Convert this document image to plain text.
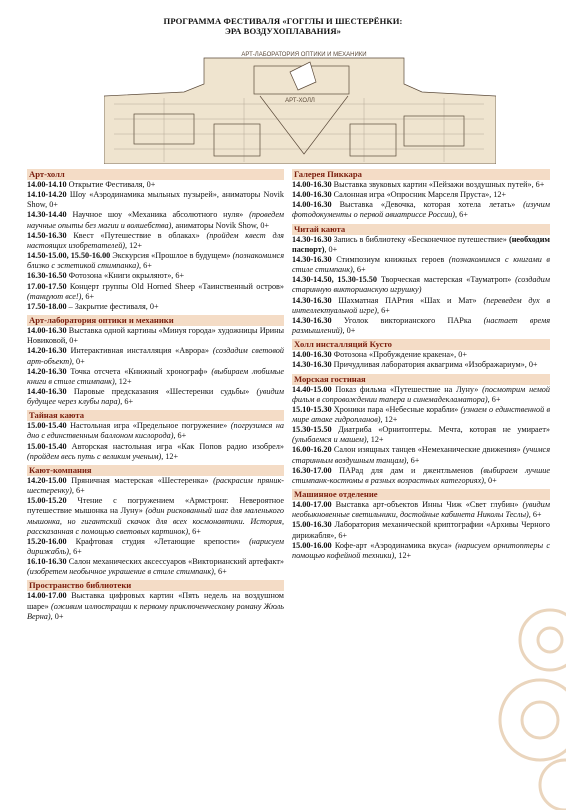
ПРОГРАММА ФЕСТИВАЛЯ «ГОГГЛЫ И ШЕСТЕРЁНКИ:
ЭРА ВОЗДУХОПЛАВАНИЯ»
АРТ-ЛАБОРАТОРИЯ ОПТИКИ И МЕХАНИКИ
АРТ-ХОЛЛ
Арт-холл

14.00-14.10 Открытие Фестиваля, 0+

14.10-14.20 Шоу «Аэродинамика мыльных пузырей», аниматоры Novik Show, 0+

14.30-14.40 Научное шоу «Механика абсолютного нуля» (проведем научные опыты без магии и волшебства), аниматоры Novik Show, 0+

14.50-16.30 Квест «Путешествие в облаках» (пройдем квест для настоящих изобретателей), 12+

14.50-15.00, 15.50-16.00 Экскурсия «Прошлое в будущем» (познакомимся близко с эстетикой стимпанка), 6+

16.30-16.50 Фотозона «Книги окрыляют», 6+

17.00-17.50 Концерт группы Old Horned Sheep «Таинственный остров» (танцуют все!), 6+

17.50-18.00 – Закрытие фестиваля, 0+

Арт-лаборатория оптики и механики

14.00-16.30 Выставка одной картины «Минуя города» художницы Ирины Новиковой, 0+

14.20-16.30 Интерактивная инсталляция «Аврора» (создадим световой арт-объект), 0+

14.20-16.30 Точка отсчета «Книжный хронограф» (выбираем любимые книги в стиле стимпанк), 12+

14.40-16.30 Паровые предсказания «Шестеренки судьбы» (увидим будущее через клубы пара), 6+

Тайная каюта

15.00-15.40 Настольная игра «Предельное погружение» (погрузимся на дно с единственным баллоном кислорода), 6+

15.00-15.40 Авторская настольная игра «Как Попов радио изобрел» (пройдем весь путь с великим ученым), 12+

Кают-компания

14.20-15.00 Пряничная мастерская «Шестеренка» (раскрасим пряник-шестеренку), 6+

15.00-15.20 Чтение с погружением «Армстронг. Невероятное путешествие мышонка на Луну» (один рискованный шаг для маленького мышонка, но гигантский скачок для всех космонавтики. История, рассказанная с помощью световых картинок), 6+

15.20-16.00 Крафтовая студия «Летающие крепости» (нарисуем дирижабль), 6+

16.10-16.30 Салон механических аксессуаров «Викторианский артефакт» (изобретем необычное украшение в стиле стимпанк), 6+

Пространство библиотеки

14.00-17.00 Выставка цифровых картин «Пять недель на воздушном шаре» (оживим иллюстрации к первому приключенческому роману Жюль Верна), 0+

Галерея Пиккара

14.00-16.30 Выставка звуковых картин «Пейзажи воздушных путей», 6+

14.00-16.30 Салонная игра «Опросник Марселя Пруста», 12+

14.00-16.30 Выставка «Девочка, которая хотела летать» (изучим фотодокументы о первой авиатриссе России), 6+

Читай каюта

14.30-16.30 Запись в библиотеку «Бесконечное путешествие» (необходим паспорт), 0+

14.30-16.30 Стимпозиум книжных героев (познакомимся с книгами в стиле стимпанк), 6+

14.30-14.50, 15.30-15.50 Творческая мастерская «Тауматроп» (создадим старинную викторианскую игрушку)

14.30-16.30 Шахматная ПАРтия «Шах и Мат» (переведем дух в интеллектуальной игре), 6+

14.30-16.30 Уголок викторианского ПАРка (настает время размышлений), 0+

Холл инсталляций Кусто

14.00-16.30 Фотозона «Пробуждение кракена», 0+

14.30-16.30 Причудливая лаборатория аквагрима «Изображариум», 0+

Морская гостиная

14.40-15.00 Показ фильма «Путешествие на Луну» (посмотрим немой фильм в сопровождении тапера и синемадекламатора), 6+

15.10-15.30 Хроники пара «Небесные корабли» (узнаем о единственной в мире атаке гидропланов), 12+

15.30-15.50 Диатриба «Орнитоптеры. Мечта, которая не умирает» (улыбаемся и машем), 12+

16.00-16.20 Салон изящных танцев «Немеханические движения» (учимся старинным воздушным танцам), 6+

16.30-17.00 ПАРад для дам и джентльменов (выбираем лучшие стимпанк-костюмы в разных возрастных категориях), 0+

Машинное отделение

14.00-17.00 Выставка арт-объектов Инны Чиж «Свет глубин» (увидим необыкновенные светильники, достойные кабинета Николы Теслы), 6+

15.00-16.30 Лаборатория механической криптографии «Архивы Черного дирижабля», 6+

15.00-16.00 Кофе-арт «Аэродинамика вкуса» (нарисуем орнитоптеры с помощью кофейной техники), 12+
